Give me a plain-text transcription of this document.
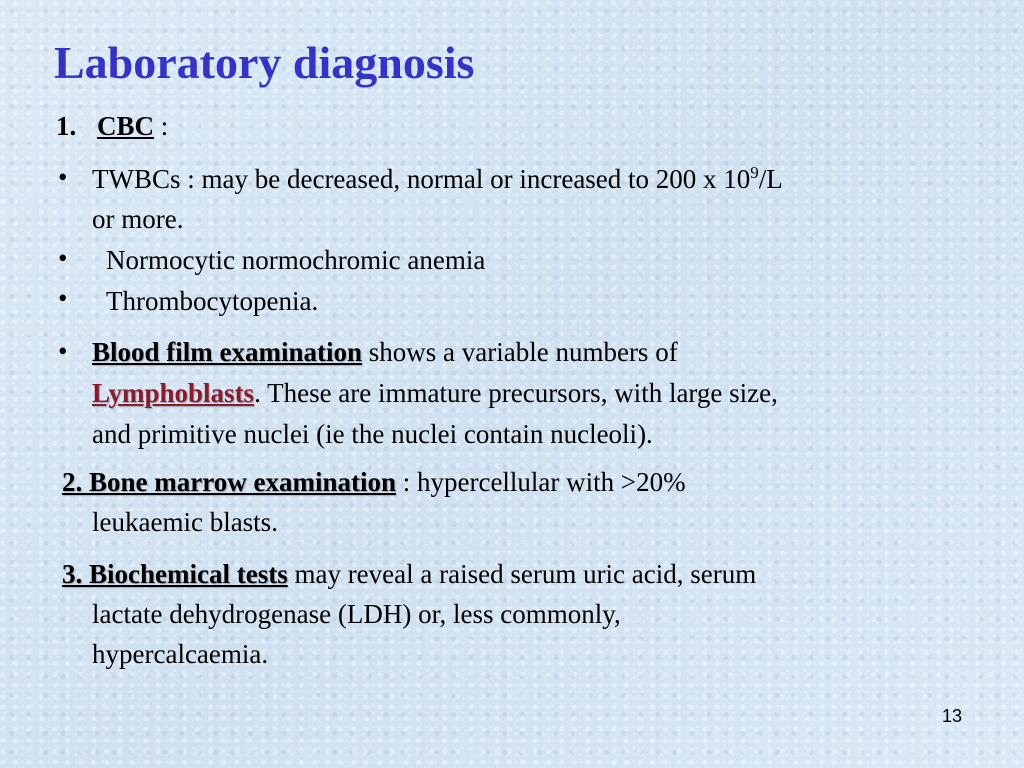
Laboratory diagnosis

1. CBC :

• TWBCs : may be decreased, normal or increased to 200 x $10^9/L$

or more.

• Normocytic normochromic anemia

• Thrombocytopenia.

• Blood film examination shows a variable numbers of

Lymphoblasts. These are immature precursors, with large size,

and primitive nuclei (ie the nuclei contain nucleoli).

2. Bone marrow examination : hypercellular with >20%

leukaemic blasts.

3. Biochemical tests may reveal a raised serum uric acid, serum

lactate dehydrogenase (LDH) or, less commonly,

hypercalcaemia.

13
